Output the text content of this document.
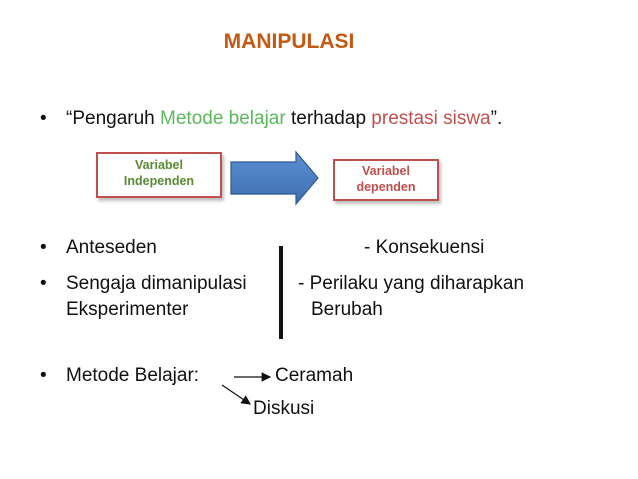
MANIPULASI
• “Pengaruh Metode belajar terhadap prestasi siswa”.
Variabel
Independen
Variabel
dependen
• Anteseden	- Konsekuensi
• Sengaja dimanipulasi	- Perilaku yang diharapkan
Eksperimenter	Berubah
• Metode Belajar:	Ceramah
Diskusi
